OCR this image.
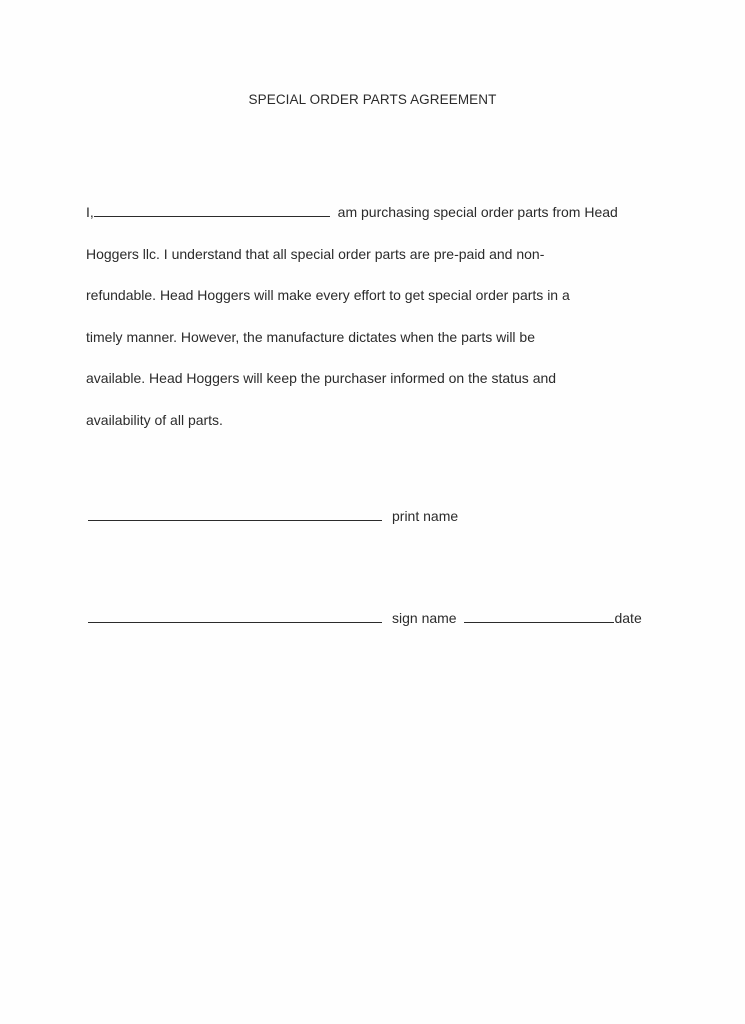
SPECIAL ORDER PARTS AGREEMENT
I,	am purchasing special order parts from Head
Hoggers llc. I understand that all special order parts are pre-paid and non-
refundable. Head Hoggers will make every effort to get special order parts in a
timely manner. However, the manufacture dictates when the parts will be
available. Head Hoggers will keep the purchaser informed on the status and
availability of all parts.
print name
sign name	date
